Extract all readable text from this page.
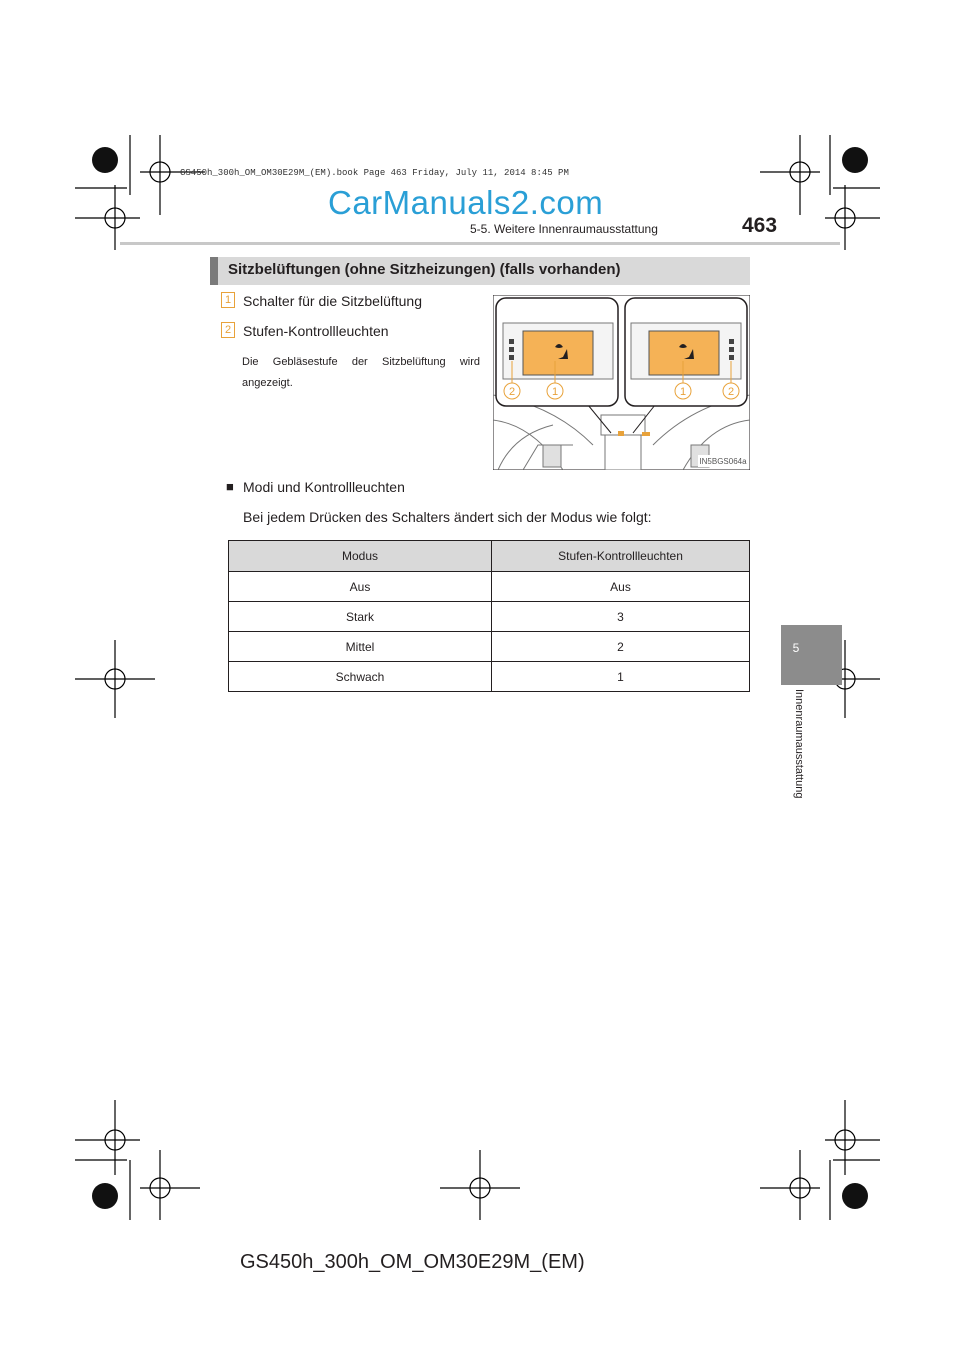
GS450h_300h_OM_OM30E29M_(EM).book Page 463 Friday, July 11, 2014 8:45 PM
CarManuals2.com
5-5. Weitere Innenraumausstattung	463
5
Innenraumausstattung
Sitzbelüftungen (ohne Sitzheizungen) (falls vorhanden)
1 Schalter für die Sitzbelüftung
2 Stufen-Kontrollleuchten
Die Gebläsestufe der Sitzbelüftung wird angezeigt.
2	1	1	2
IN5BGS064a
■ Modi und Kontrollleuchten
Bei jedem Drücken des Schalters ändert sich der Modus wie folgt:
Modus	Stufen-Kontrollleuchten
Aus	Aus
Stark	3
Mittel	2
Schwach	1
GS450h_300h_OM_OM30E29M_(EM)
